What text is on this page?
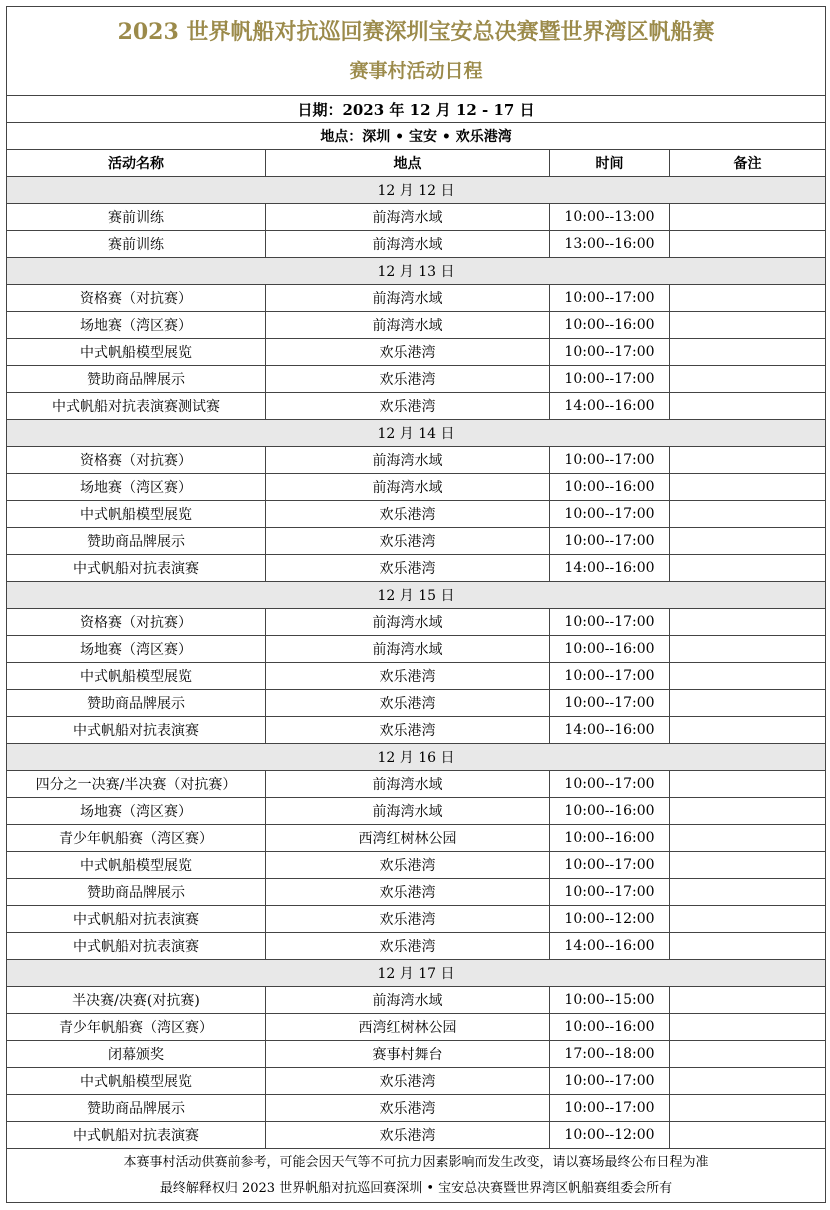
2023 世界帆船对抗巡回赛深圳宝安总决赛暨世界湾区帆船赛
赛事村活动日程			

日期：2023 年 12 月 12 - 17 日			
地点：深圳 • 宝安 • 欢乐港湾			
活动名称	地点	时间	备注
12 月 12 日			
赛前训练	前海湾水域	10:00--13:00	
赛前训练	前海湾水域	13:00--16:00	
12 月 13 日			
资格赛（对抗赛）	前海湾水域	10:00--17:00	
场地赛（湾区赛）	前海湾水域	10:00--16:00	
中式帆船模型展览	欢乐港湾	10:00--17:00	
赞助商品牌展示	欢乐港湾	10:00--17:00	
中式帆船对抗表演赛测试赛	欢乐港湾	14:00--16:00	
12 月 14 日			
资格赛（对抗赛）	前海湾水域	10:00--17:00	
场地赛（湾区赛）	前海湾水域	10:00--16:00	
中式帆船模型展览	欢乐港湾	10:00--17:00	
赞助商品牌展示	欢乐港湾	10:00--17:00	
中式帆船对抗表演赛	欢乐港湾	14:00--16:00	
12 月 15 日			
资格赛（对抗赛）	前海湾水域	10:00--17:00	
场地赛（湾区赛）	前海湾水域	10:00--16:00	
中式帆船模型展览	欢乐港湾	10:00--17:00	
赞助商品牌展示	欢乐港湾	10:00--17:00	
中式帆船对抗表演赛	欢乐港湾	14:00--16:00	
12 月 16 日			
四分之一决赛/半决赛（对抗赛）	前海湾水域	10:00--17:00	
场地赛（湾区赛）	前海湾水域	10:00--16:00	
青少年帆船赛（湾区赛）	西湾红树林公园	10:00--16:00	
中式帆船模型展览	欢乐港湾	10:00--17:00	
赞助商品牌展示	欢乐港湾	10:00--17:00	
中式帆船对抗表演赛	欢乐港湾	10:00--12:00	
中式帆船对抗表演赛	欢乐港湾	14:00--16:00	
12 月 17 日			
半决赛/决赛(对抗赛)	前海湾水域	10:00--15:00	
青少年帆船赛（湾区赛）	西湾红树林公园	10:00--16:00	
闭幕颁奖	赛事村舞台	17:00--18:00	
中式帆船模型展览	欢乐港湾	10:00--17:00	
赞助商品牌展示	欢乐港湾	10:00--17:00	
中式帆船对抗表演赛	欢乐港湾	10:00--12:00	

本赛事村活动供赛前参考，可能会因天气等不可抗力因素影响而发生改变，请以赛场最终公布日程为准
最终解释权归 2023 世界帆船对抗巡回赛深圳 • 宝安总决赛暨世界湾区帆船赛组委会所有			
